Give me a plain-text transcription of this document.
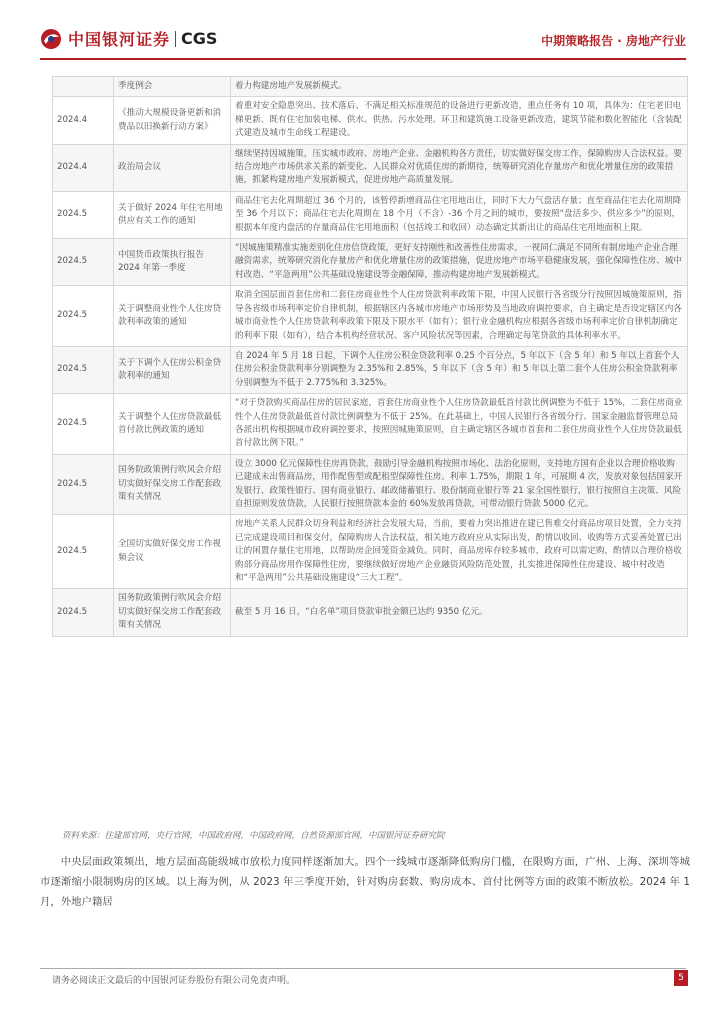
中国银河证券 CGS	中期策略报告 · 房地产行业
	季度例会	着力构建房地产发展新模式。
2024.4	《推动大规模设备更新和消费品以旧换新行动方案》	着重对安全隐患突出、技术落后、不满足相关标准规范的设备进行更新改造，重点任务有 10 项，具体为：住宅老旧电梯更新、既有住宅加装电梯、供水、供热、污水处理、环卫和建筑施工设备更新改造，建筑节能和数化智能化（含装配式建造及城市生命线工程建设。
2024.4	政治局会议	继续坚持因城施策，压实城市政府、房地产企业、金融机构各方责任，切实做好保交房工作，保障购房人合法权益。要结合房地产市场供求关系的新变化、人民群众对优质住房的新期待，统筹研究消化存量房产和优化增量住房的政策措施，抓紧构建房地产发展新模式，促进房地产高质量发展。
2024.5	关于做好 2024 年住宅用地供应有关工作的通知	商品住宅去化周期超过 36 个月的，该暂停新增商品住宅用地出让，同时下大力气盘活存量；直至商品住宅去化周期降至 36 个月以下；商品住宅去化周期在 18 个月（不含）-36 个月之间的城市，要按照“盘活多少、供应多少”的原则，根据本年度内盘活的存量商品住宅用地面积（包括竣工和收回）动态确定其新出让的商品住宅用地面积上限。
2024.5	中国货币政策执行报告 2024 年第一季度	“因城施策精准实施差别化住房信贷政策，更好支持刚性和改善性住房需求，一视同仁满足不同所有制房地产企业合理融资需求，统筹研究消化存量房产和优化增量住房的政策措施，促进房地产市场平稳健康发展，强化保障性住房、城中村改造、“平急两用”公共基础设施建设等金融保障，推动构建房地产发展新模式。
2024.5	关于调整商业性个人住房贷款利率政策的通知	取消全国层面首套住房和二套住房商业性个人住房贷款利率政策下限，中国人民银行各省级分行按照因城施策原则，指导各省级市场利率定价自律机制，根据辖区内各城市房地产市场形势及当地政府调控要求，自主确定是否设定辖区内各城市商业性个人住房贷款利率政策下限及下限水平（如有）；银行业金融机构应根据各省级市场利率定价自律机制确定的利率下限（如有），结合本机构经营状况、客户风险状况等因素，合理确定每笔贷款的具体利率水平。
2024.5	关于下调个人住房公积金贷款利率的通知	自 2024 年 5 月 18 日起，下调个人住房公积金贷款利率 0.25 个百分点，5 年以下（含 5 年）和 5 年以上首套个人住房公积金贷款利率分别调整为 2.35%和 2.85%，5 年以下（含 5 年）和 5 年以上第二套个人住房公积金贷款利率分别调整为不低于 2.775%和 3.325%。
2024.5	关于调整个人住房贷款最低首付款比例政策的通知	“对于贷款购买商品住房的居民家庭，首套住房商业性个人住房贷款最低首付款比例调整为不低于 15%，二套住房商业性个人住房贷款最低首付款比例调整为不低于 25%。在此基础上，中国人民银行各省级分行、国家金融监督管理总局各派出机构根据城市政府调控要求，按照因城施策原则，自主确定辖区各城市首套和二套住房商业性个人住房贷款最低首付款比例下限。”
2024.5	国务院政策例行吹风会介绍切实做好保交房工作配套政策有关情况	设立 3000 亿元保障性住房再贷款，鼓励引导金融机构按照市场化、法治化原则，支持地方国有企业以合理价格收购已建成未出售商品房，用作配售型或配租型保障性住房。利率 1.75%，期限 1 年，可展期 4 次，发放对象包括国家开发银行、政策性银行、国有商业银行、邮政储蓄银行、股份制商业银行等 21 家全国性银行，银行按照自主决策、风险自担原则发放贷款，人民银行按照贷款本金的 60%发放再贷款，可带动银行贷款 5000 亿元。
2024.5	全国切实做好保交房工作视频会议	房地产关系人民群众切身利益和经济社会发展大局，当前，要着力突出推进在建已售难交付商品房项目处置，全力支持已完成建设项目和保交付，保障购房人合法权益，相关地方政府应从实际出发，酌情以收回、收购等方式妥善处置已出让的闲置存量住宅用地，以帮助房企回笼资金减负。同时，商品房库存较多城市，政府可以需定购，酌情以合理价格收购部分商品房用作保障性住房，要继续做好房地产企业融资风险防范处置，扎实推进保障性住房建设、城中村改造和“平急两用”公共基础设施建设“三大工程”。
2024.5	国务院政策例行吹风会介绍切实做好保交房工作配套政策有关情况	截至 5 月 16 日，“白名单”项目贷款审批金额已达约 9350 亿元。
资料来源：住建部官网，央行官网，中国政府网，中国政府网，自然资源部官网，中国银河证券研究院

中央层面政策频出，地方层面高能级城市放松力度同样逐渐加大。四个一线城市逐渐降低购房门槛，在限购方面，广州、上海、深圳等城市逐渐缩小限制购房的区域。以上海为例，从 2023 年三季度开始，针对购房套数、购房成本、首付比例等方面的政策不断放松。2024 年 1 月，外地户籍居

请务必阅读正文最后的中国银河证券股份有限公司免责声明。	5
